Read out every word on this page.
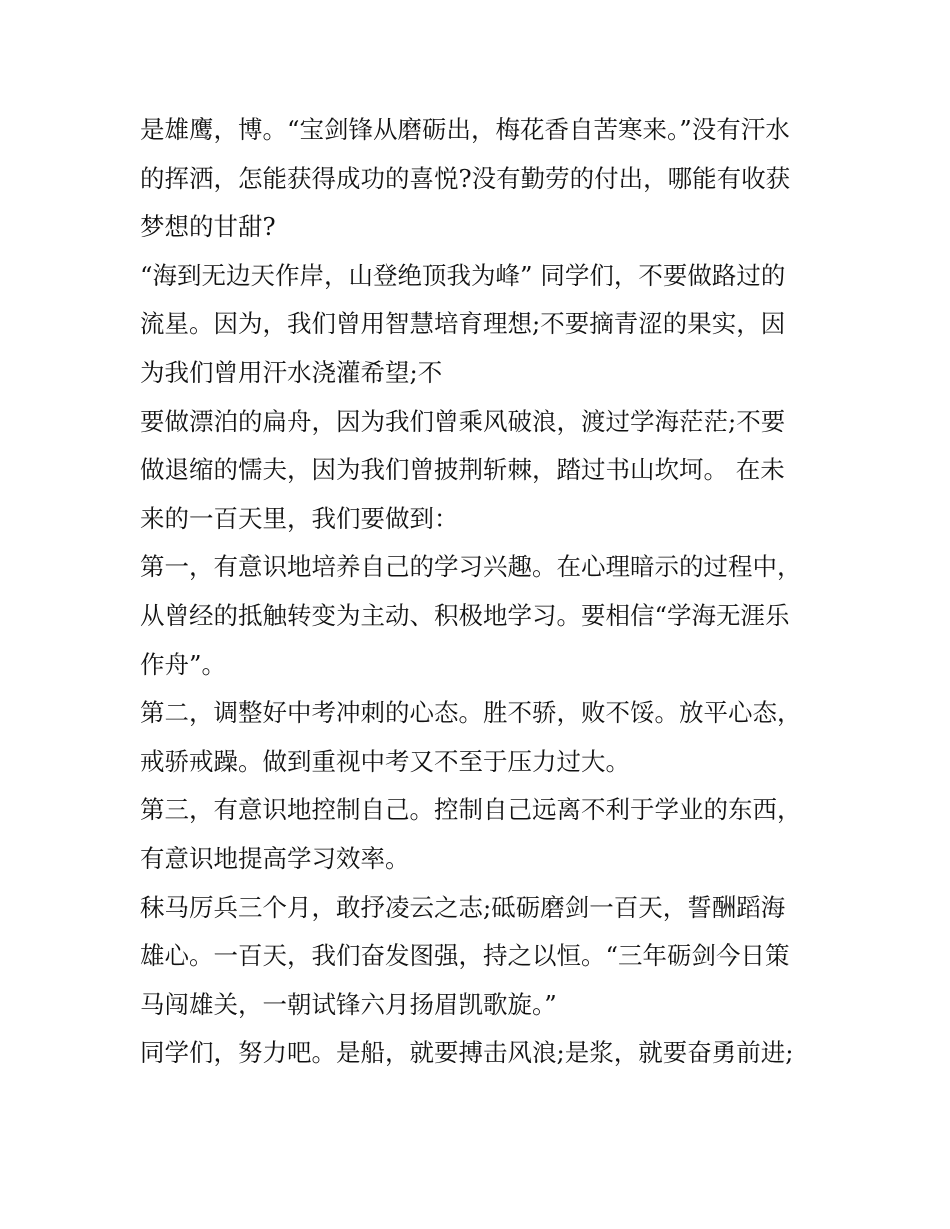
是雄鹰，博。“宝剑锋从磨砺出，梅花香自苦寒来。”没有汗水
的挥洒，怎能获得成功的喜悦?没有勤劳的付出，哪能有收获
梦想的甘甜?
“海到无边天作岸，山登绝顶我为峰” 同学们，不要做路过的
流星。因为，我们曾用智慧培育理想;不要摘青涩的果实，因
为我们曾用汗水浇灌希望;不
要做漂泊的扁舟，因为我们曾乘风破浪，渡过学海茫茫;不要
做退缩的懦夫，因为我们曾披荆斩棘，踏过书山坎坷。 在未
来的一百天里，我们要做到：
第一，有意识地培养自己的学习兴趣。在心理暗示的过程中，
从曾经的抵触转变为主动、积极地学习。要相信“学海无涯乐
作舟”。
第二，调整好中考冲刺的心态。胜不骄，败不馁。放平心态，
戒骄戒躁。做到重视中考又不至于压力过大。
第三，有意识地控制自己。控制自己远离不利于学业的东西，
有意识地提高学习效率。
秣马厉兵三个月，敢抒凌云之志;砥砺磨剑一百天，誓酬蹈海
雄心。一百天，我们奋发图强，持之以恒。“三年砺剑今日策
马闯雄关，一朝试锋六月扬眉凯歌旋。”
同学们，努力吧。是船，就要搏击风浪;是浆，就要奋勇前进;
